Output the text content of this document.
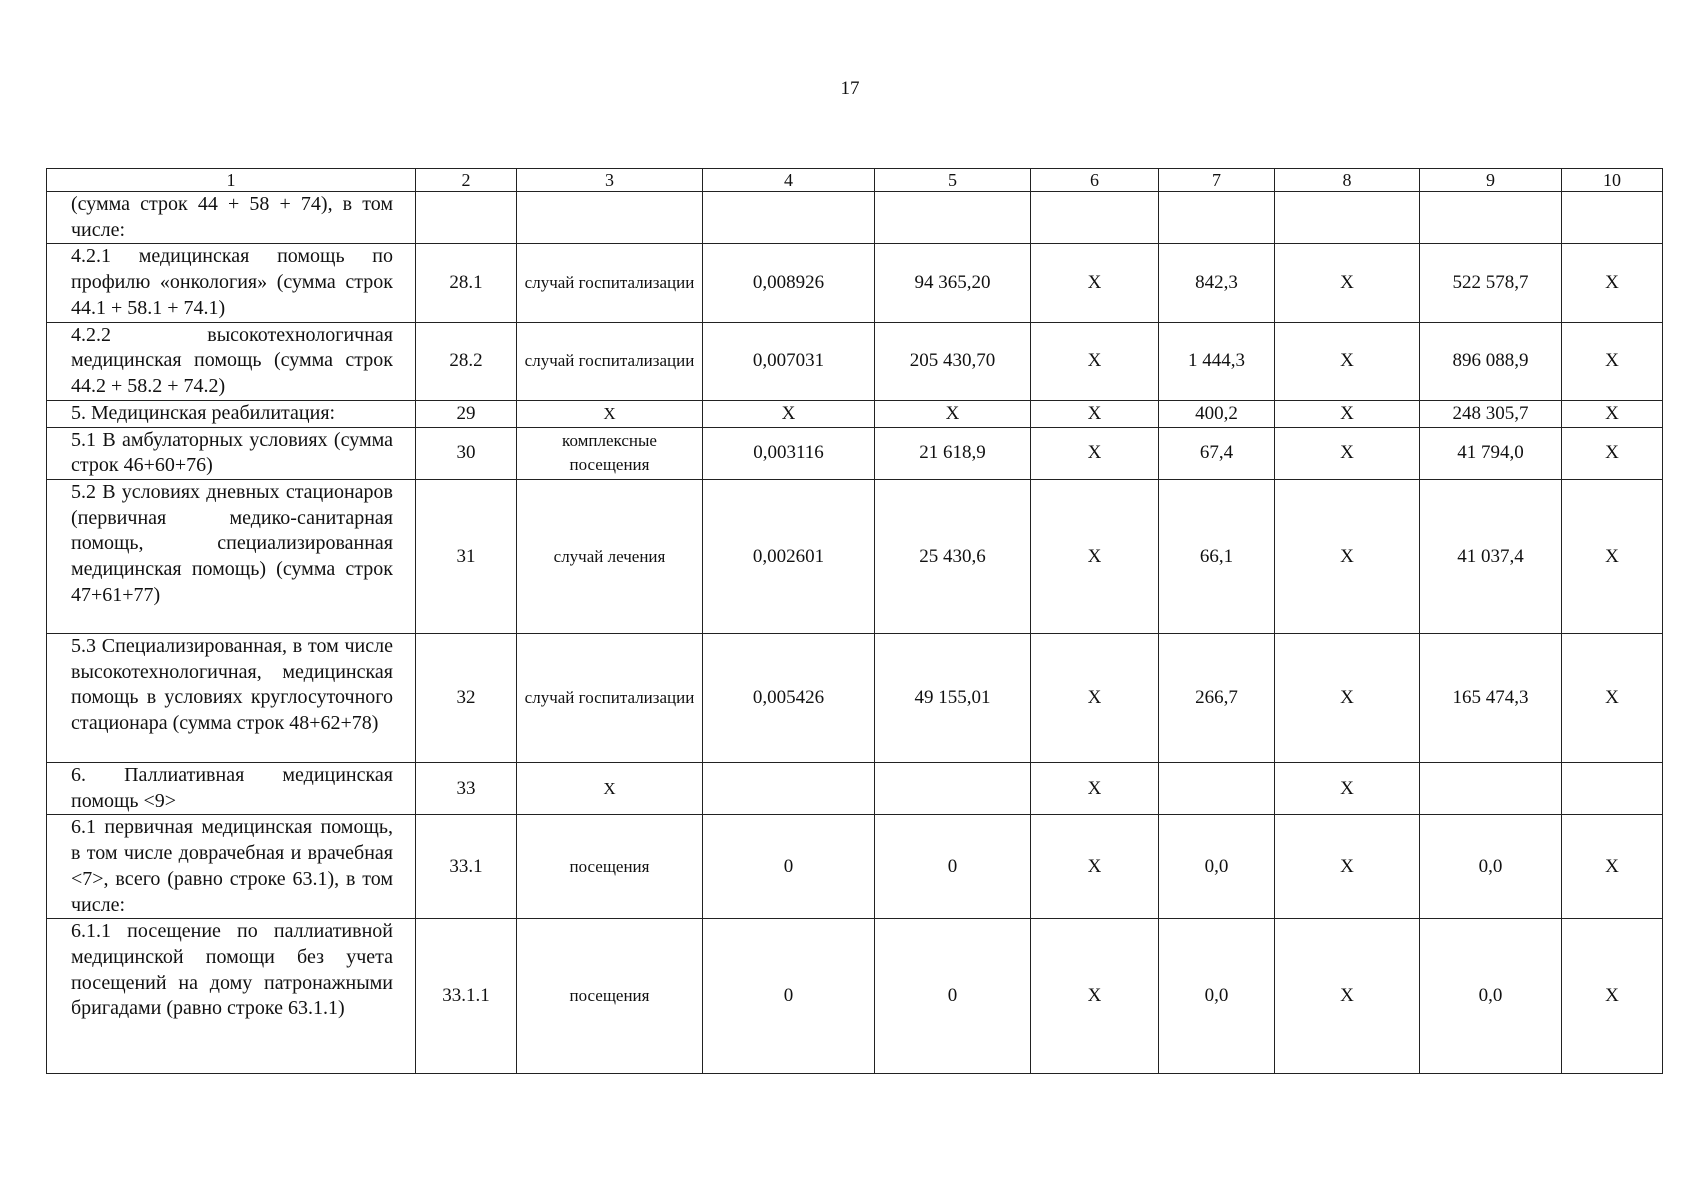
17
1	2	3	4	5	6	7	8	9	10
(сумма строк 44 + 58 + 74), в том числе:									
4.2.1 медицинская помощь по профилю «онкология» (сумма строк 44.1 + 58.1 + 74.1)	28.1	случай госпитализации	0,008926	94 365,20	X	842,3	X	522 578,7	X
4.2.2 высокотехнологичная медицинская помощь (сумма строк 44.2 + 58.2 + 74.2)	28.2	случай госпитализации	0,007031	205 430,70	X	1 444,3	X	896 088,9	X
5. Медицинская реабилитация:	29	X	X	X	X	400,2	X	248 305,7	X
5.1 В амбулаторных условиях (сумма строк 46+60+76)	30	комплексные посещения	0,003116	21 618,9	X	67,4	X	41 794,0	X
5.2 В условиях дневных стационаров (первичная медико-санитарная помощь, специализированная медицинская помощь) (сумма строк 47+61+77)	31	случай лечения	0,002601	25 430,6	X	66,1	X	41 037,4	X
5.3 Специализированная, в том числе высокотехнологичная, медицинская помощь в условиях круглосуточного стационара (сумма строк 48+62+78)	32	случай госпитализации	0,005426	49 155,01	X	266,7	X	165 474,3	X
6. Паллиативная медицинская помощь <9>	33	X			X		X		
6.1 первичная медицинская помощь, в том числе доврачебная и врачебная <7>, всего (равно строке 63.1), в том числе:	33.1	посещения	0	0	X	0,0	X	0,0	X
6.1.1 посещение по паллиативной медицинской помощи без учета посещений на дому патронажными бригадами (равно строке 63.1.1)	33.1.1	посещения	0	0	X	0,0	X	0,0	X
